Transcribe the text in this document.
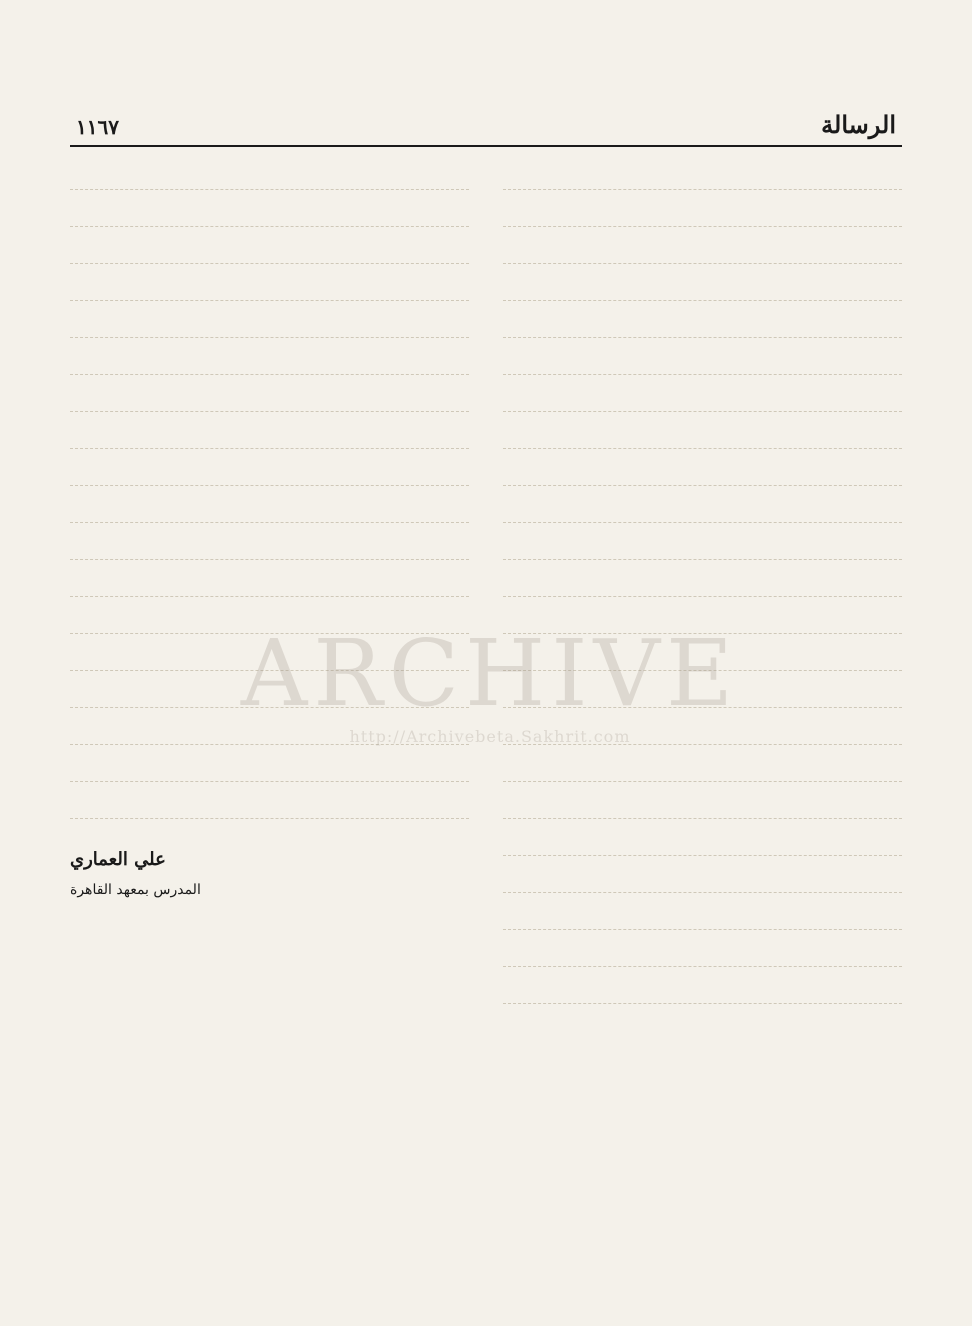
الرسالة
١١٦٧

علي العماري
المدرس بمعهد القاهرة
ARCHIVE
http://Archivebeta.Sakhrit.com
